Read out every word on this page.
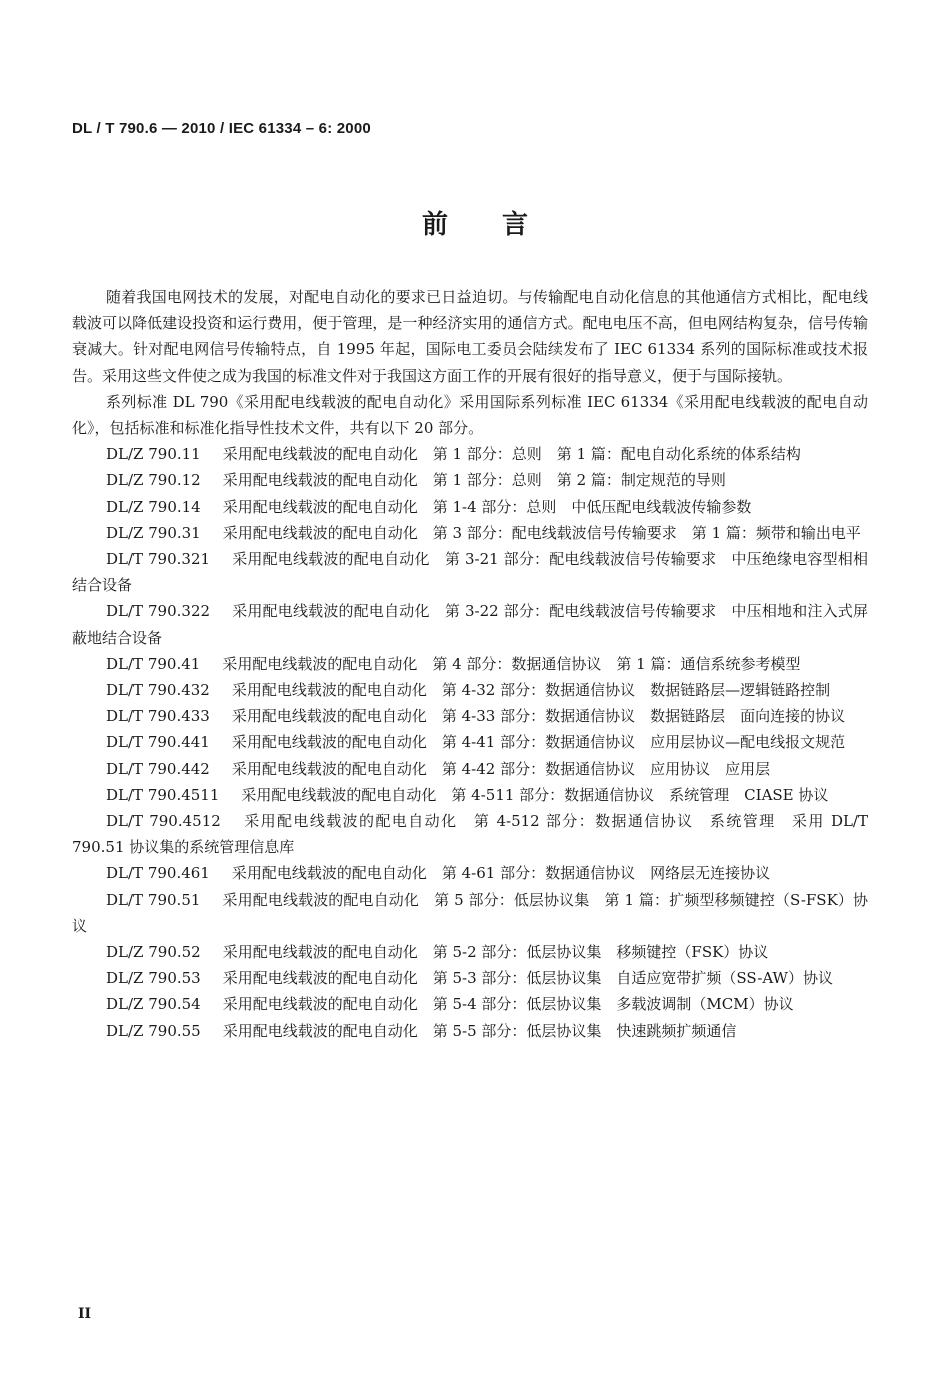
DL / T 790.6 — 2010 / IEC 61334 – 6: 2000
前言

随着我国电网技术的发展，对配电自动化的要求已日益迫切。与传输配电自动化信息的其他通信方式相比，配电线载波可以降低建设投资和运行费用，便于管理，是一种经济实用的通信方式。配电电压不高，但电网结构复杂，信号传输衰减大。针对配电网信号传输特点，自 1995 年起，国际电工委员会陆续发布了 IEC 61334 系列的国际标准或技术报告。采用这些文件使之成为我国的标准文件对于我国这方面工作的开展有很好的指导意义，便于与国际接轨。

系列标准 DL 790《采用配电线载波的配电自动化》采用国际系列标准 IEC 61334《采用配电线载波的配电自动化》，包括标准和标准化指导性技术文件，共有以下 20 部分。

DL/Z 790.11 采用配电线载波的配电自动化　第 1 部分：总则　第 1 篇：配电自动化系统的体系结构

DL/Z 790.12 采用配电线载波的配电自动化　第 1 部分：总则　第 2 篇：制定规范的导则

DL/Z 790.14 采用配电线载波的配电自动化　第 1-4 部分：总则　中低压配电线载波传输参数

DL/Z 790.31 采用配电线载波的配电自动化　第 3 部分：配电线载波信号传输要求　第 1 篇：频带和输出电平

DL/T 790.321 采用配电线载波的配电自动化　第 3-21 部分：配电线载波信号传输要求　中压绝缘电容型相相结合设备

DL/T 790.322 采用配电线载波的配电自动化　第 3-22 部分：配电线载波信号传输要求　中压相地和注入式屏蔽地结合设备

DL/T 790.41 采用配电线载波的配电自动化　第 4 部分：数据通信协议　第 1 篇：通信系统参考模型

DL/T 790.432 采用配电线载波的配电自动化　第 4-32 部分：数据通信协议　数据链路层—逻辑链路控制

DL/T 790.433 采用配电线载波的配电自动化　第 4-33 部分：数据通信协议　数据链路层　面向连接的协议

DL/T 790.441 采用配电线载波的配电自动化　第 4-41 部分：数据通信协议　应用层协议—配电线报文规范

DL/T 790.442 采用配电线载波的配电自动化　第 4-42 部分：数据通信协议　应用协议　应用层

DL/T 790.4511 采用配电线载波的配电自动化　第 4-511 部分：数据通信协议　系统管理　CIASE 协议

DL/T 790.4512 采用配电线载波的配电自动化　第 4-512 部分：数据通信协议　系统管理　采用 DL/T 790.51 协议集的系统管理信息库

DL/T 790.461 采用配电线载波的配电自动化　第 4-61 部分：数据通信协议　网络层无连接协议

DL/T 790.51 采用配电线载波的配电自动化　第 5 部分：低层协议集　第 1 篇：扩频型移频键控（S-FSK）协议

DL/Z 790.52 采用配电线载波的配电自动化　第 5-2 部分：低层协议集　移频键控（FSK）协议

DL/Z 790.53 采用配电线载波的配电自动化　第 5-3 部分：低层协议集　自适应宽带扩频（SS-AW）协议

DL/Z 790.54 采用配电线载波的配电自动化　第 5-4 部分：低层协议集　多载波调制（MCM）协议

DL/Z 790.55 采用配电线载波的配电自动化　第 5-5 部分：低层协议集　快速跳频扩频通信

II
